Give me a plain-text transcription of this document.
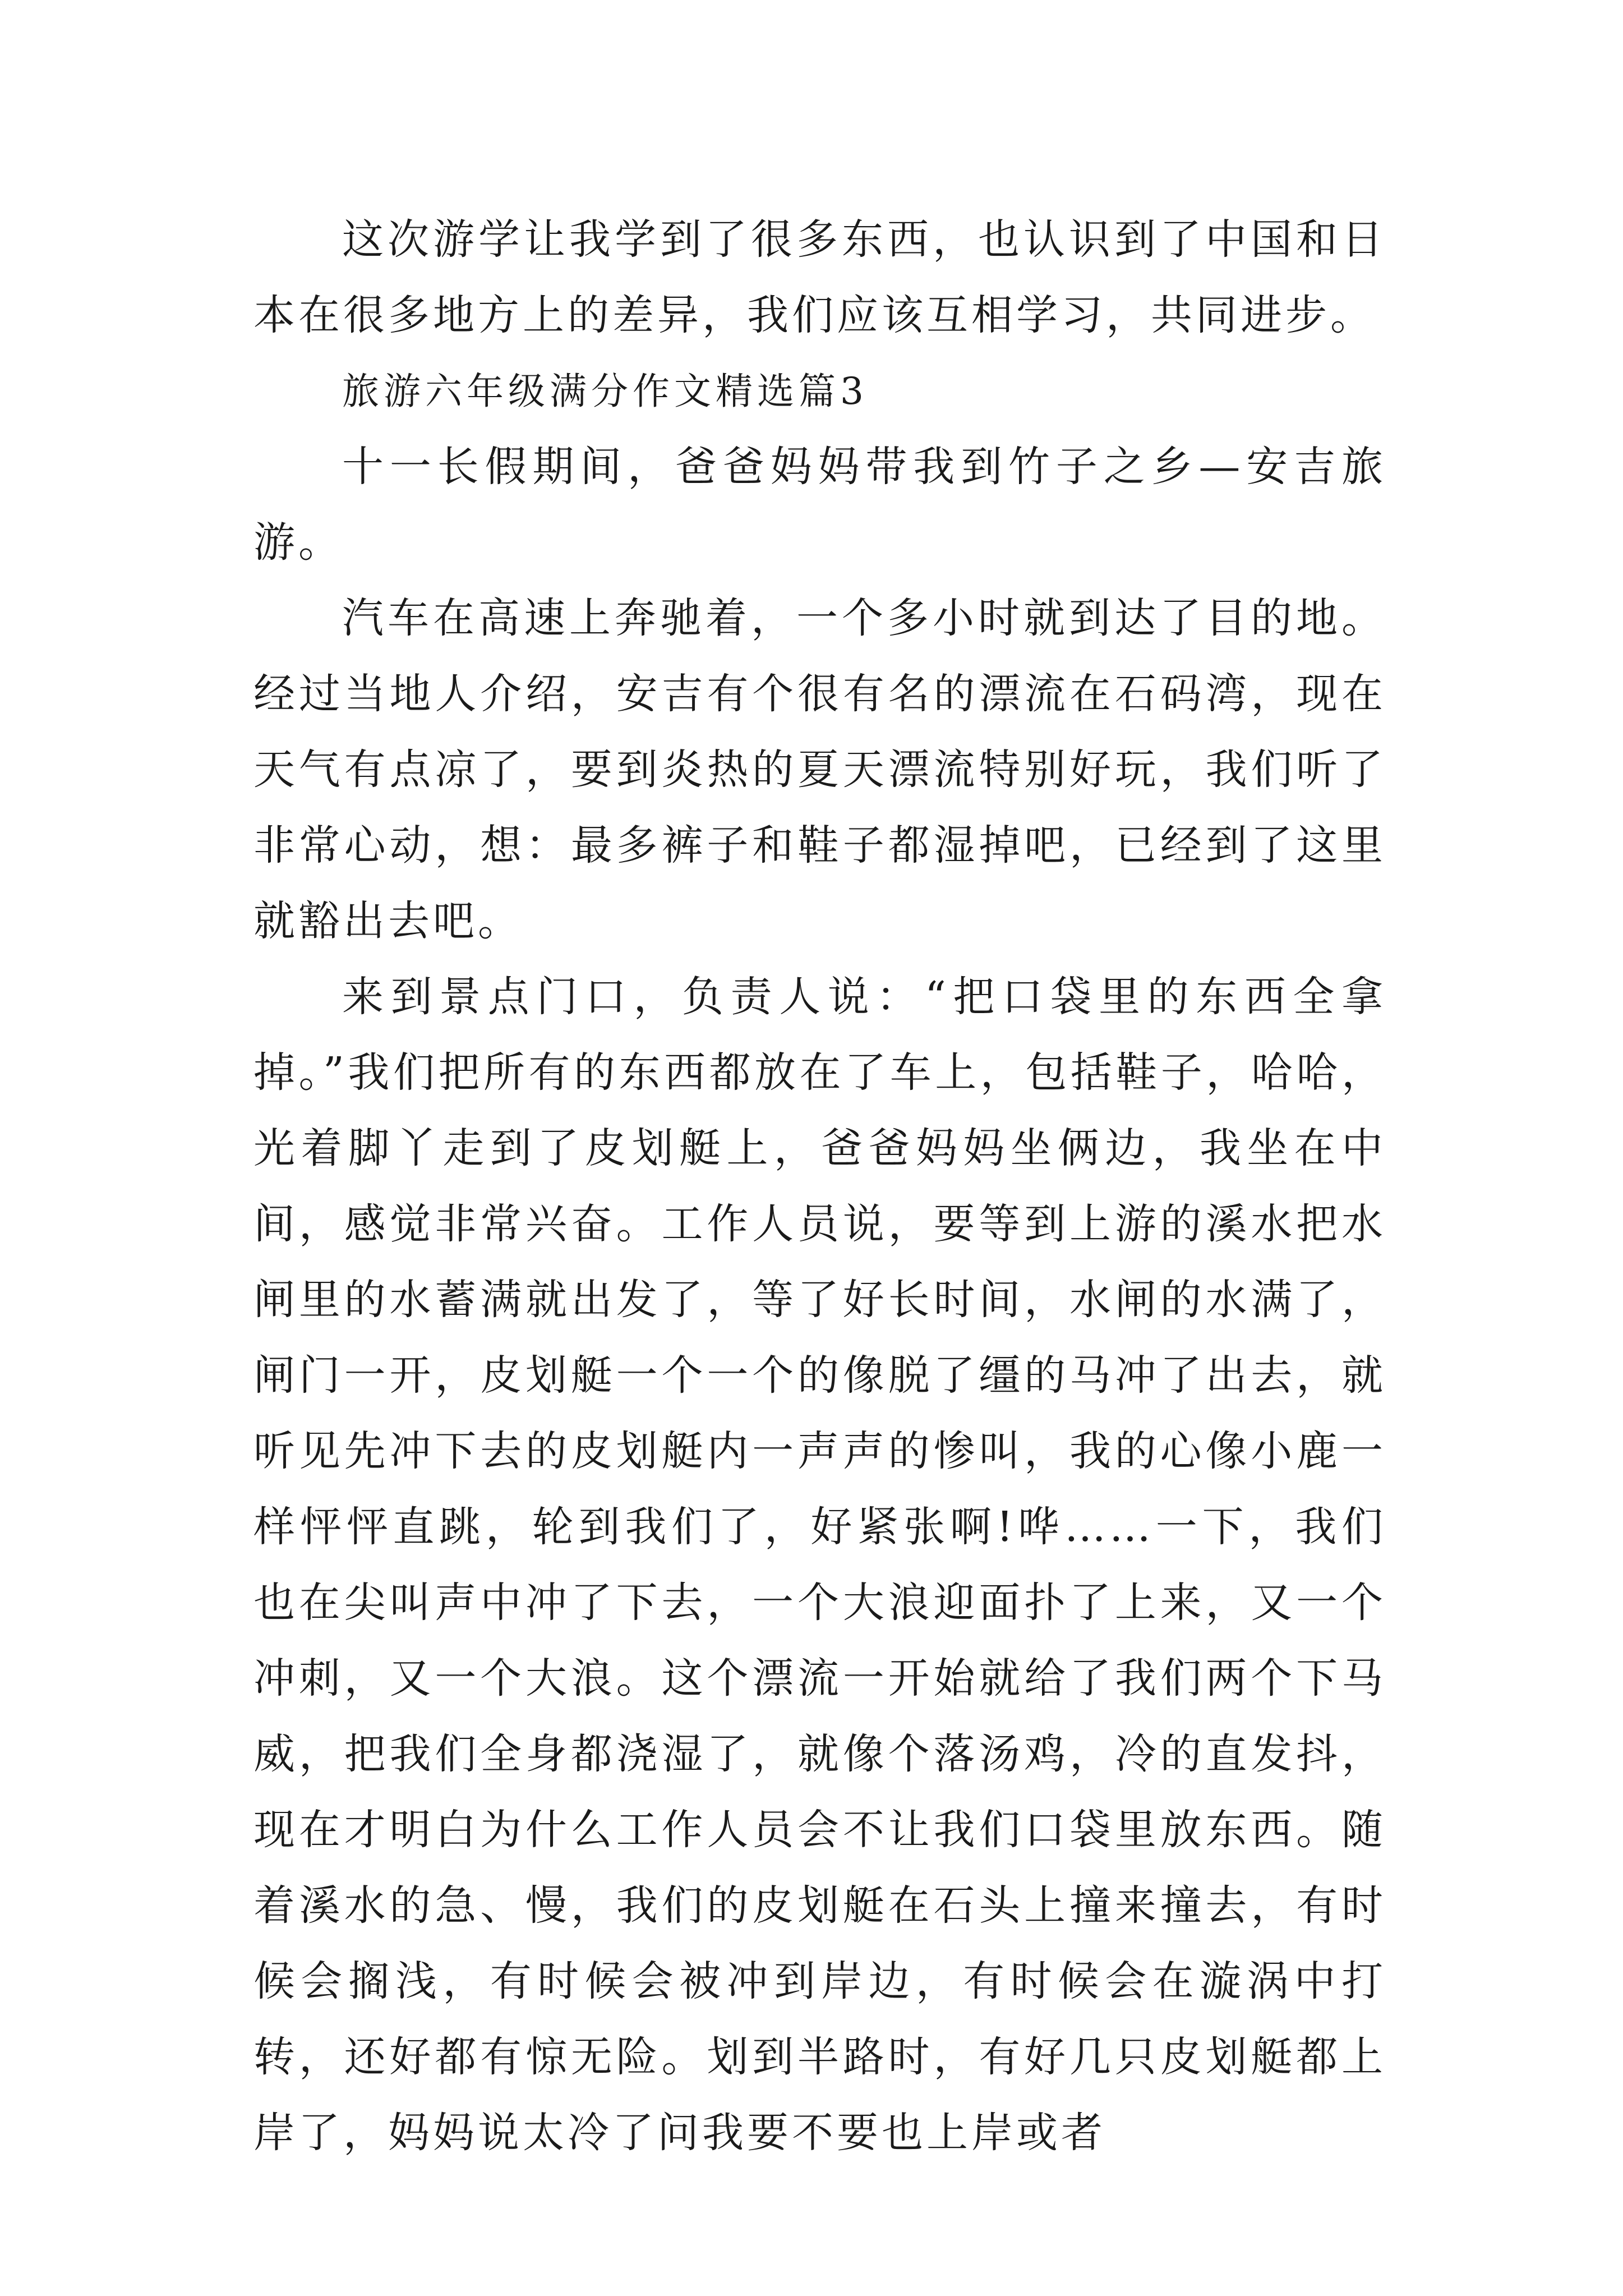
这次游学让我学到了很多东西，也认识到了中国和日本在很多地方上的差异，我们应该互相学习，共同进步。

旅游六年级满分作文精选篇3

十一长假期间，爸爸妈妈带我到竹子之乡—安吉旅游。

汽车在高速上奔驰着，一个多小时就到达了目的地。经过当地人介绍，安吉有个很有名的漂流在石码湾，现在天气有点凉了，要到炎热的夏天漂流特别好玩，我们听了非常心动，想：最多裤子和鞋子都湿掉吧，已经到了这里就豁出去吧。

来到景点门口，负责人说：“把口袋里的东西全拿掉。”我们把所有的东西都放在了车上，包括鞋子，哈哈，光着脚丫走到了皮划艇上，爸爸妈妈坐俩边，我坐在中间，感觉非常兴奋。工作人员说，要等到上游的溪水把水闸里的水蓄满就出发了，等了好长时间，水闸的水满了，闸门一开，皮划艇一个一个的像脱了缰的马冲了出去，就听见先冲下去的皮划艇内一声声的惨叫，我的心像小鹿一样怦怦直跳，轮到我们了，好紧张啊!哗……一下，我们也在尖叫声中冲了下去，一个大浪迎面扑了上来，又一个冲刺，又一个大浪。这个漂流一开始就给了我们两个下马威，把我们全身都浇湿了，就像个落汤鸡，冷的直发抖，现在才明白为什么工作人员会不让我们口袋里放东西。随着溪水的急、慢，我们的皮划艇在石头上撞来撞去，有时候会搁浅，有时候会被冲到岸边，有时候会在漩涡中打转，还好都有惊无险。划到半路时，有好几只皮划艇都上岸了，妈妈说太冷了问我要不要也上岸或者
